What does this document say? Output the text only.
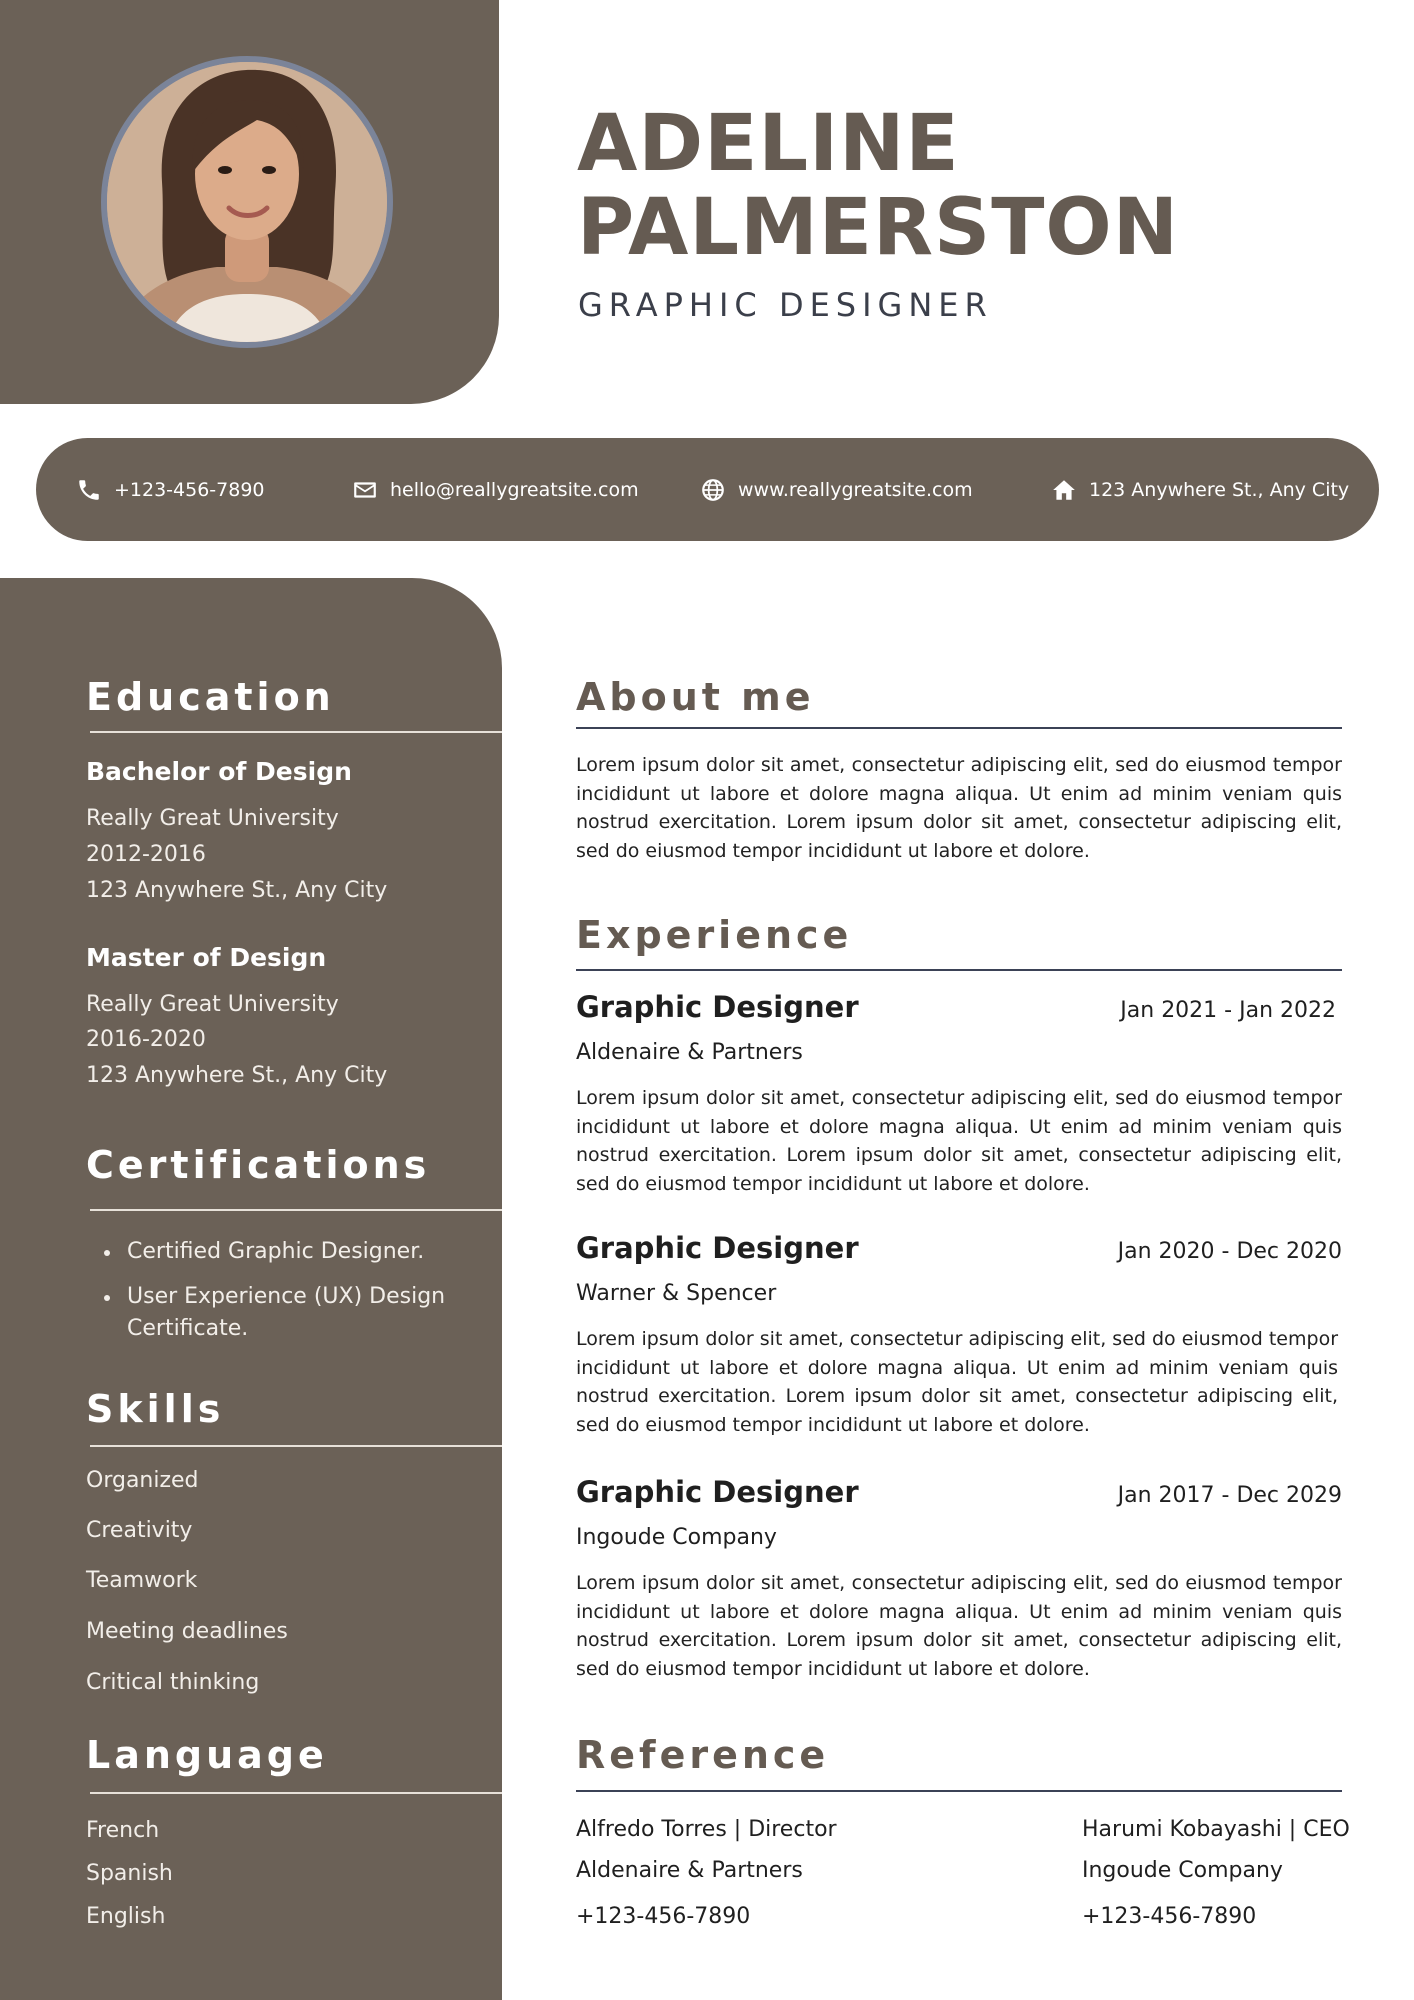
ADELINE
PALMERSTON
GRAPHIC DESIGNER
+123-456-7890	hello@reallygreatsite.com	www.reallygreatsite.com	123 Anywhere St., Any City
Education
Bachelor of Design
Really Great University
2012-2016
123 Anywhere St., Any City
Master of Design
Really Great University
2016-2020
123 Anywhere St., Any City
Certifications
Certified Graphic Designer.
User Experience (UX) Design
Certificate.
Skills
Organized
Creativity
Teamwork
Meeting deadlines
Critical thinking
Language
French
Spanish
English
About me

Lorem ipsum dolor sit amet, consectetur adipiscing elit, sed do eiusmod tempor incididunt ut labore et dolore magna aliqua. Ut enim ad minim veniam quis nostrud exercitation. Lorem ipsum dolor sit amet, consectetur adipiscing elit, sed do eiusmod tempor incididunt ut labore et dolore.

Experience
Graphic Designer	Jan 2021 - Jan 2022
Aldenaire & Partners

Lorem ipsum dolor sit amet, consectetur adipiscing elit, sed do eiusmod tempor incididunt ut labore et dolore magna aliqua. Ut enim ad minim veniam quis nostrud exercitation. Lorem ipsum dolor sit amet, consectetur adipiscing elit, sed do eiusmod tempor incididunt ut labore et dolore.

Graphic Designer	Jan 2020 - Dec 2020
Warner & Spencer

Lorem ipsum dolor sit amet, consectetur adipiscing elit, sed do eiusmod tempor incididunt ut labore et dolore magna aliqua. Ut enim ad minim veniam quis nostrud exercitation. Lorem ipsum dolor sit amet, consectetur adipiscing elit, sed do eiusmod tempor incididunt ut labore et dolore.

Graphic Designer	Jan 2017 - Dec 2029
Ingoude Company

Lorem ipsum dolor sit amet, consectetur adipiscing elit, sed do eiusmod tempor incididunt ut labore et dolore magna aliqua. Ut enim ad minim veniam quis nostrud exercitation. Lorem ipsum dolor sit amet, consectetur adipiscing elit, sed do eiusmod tempor incididunt ut labore et dolore.

Reference
Alfredo Torres | Director
Aldenaire & Partners
+123-456-7890
Harumi Kobayashi | CEO
Ingoude Company
+123-456-7890
